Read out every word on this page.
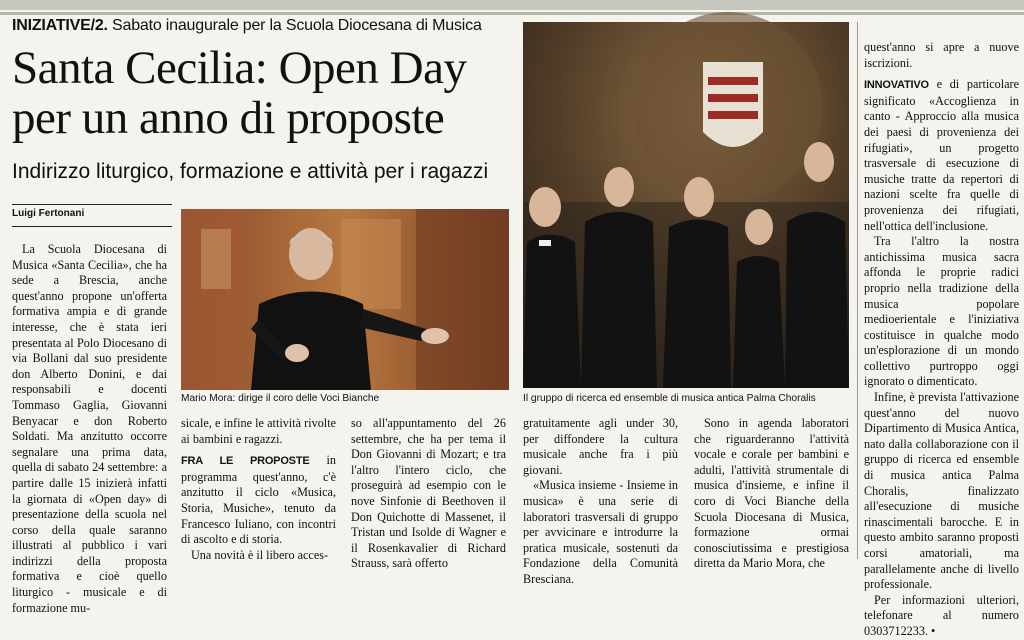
INIZIATIVE/2. Sabato inaugurale per la Scuola Diocesana di Musica
Santa Cecilia: Open Day
per un anno di proposte
Indirizzo liturgico, formazione e attività per i ragazzi
Luigi Fertonani
Mario Mora: dirige il coro delle Voci Bianche	Il gruppo di ricerca ed ensemble di musica antica Palma Choralis

La Scuola Diocesana di Musica «Santa Cecilia», che ha sede a Brescia, anche quest'anno propone un'offerta formativa ampia e di grande interesse, che è stata ieri presentata al Polo Diocesano di via Bollani dal suo presidente don Alberto Donini, e dai responsabili e docenti Tommaso Gaglia, Giovanni Benyacar e don Roberto Soldati. Ma anzitutto occorre segnalare una prima data, quella di sabato 24 settembre: a partire dalle 15 inizierà infatti la giornata di «Open day» di presentazione della scuola nel corso della quale saranno illustrati al pubblico i vari indirizzi della proposta formativa e cioè quello liturgico - musicale e di formazione mu-

sicale, e infine le attività rivolte ai bambini e ragazzi.

FRA LE PROPOSTE in programma quest'anno, c'è anzitutto il ciclo «Musica, Storia, Musiche», tenuto da Francesco Iuliano, con incontri di ascolto e di storia.

Una novità è il libero acces-

so all'appuntamento del 26 settembre, che ha per tema il Don Giovanni di Mozart; e tra l'altro l'intero ciclo, che proseguirà ad esempio con le nove Sinfonie di Beethoven il Don Quichotte di Massenet, il Tristan und Isolde di Wagner e il Rosenkavalier di Richard Strauss, sarà offerto

gratuitamente agli under 30, per diffondere la cultura musicale anche fra i più giovani.

«Musica insieme - Insieme in musica» è una serie di laboratori trasversali di gruppo per avvicinare e introdurre la pratica musicale, sostenuti da Fondazione della Comunità Bresciana.

Sono in agenda laboratori che riguarderanno l'attività vocale e corale per bambini e adulti, l'attività strumentale di musica d'insieme, e infine il coro di Voci Bianche della Scuola Diocesana di Musica, formazione ormai conosciutissima e prestigiosa diretta da Mario Mora, che

quest'anno si apre a nuove iscrizioni.

INNOVATIVO e di particolare significato «Accoglienza in canto - Approccio alla musica dei paesi di provenienza dei rifugiati», un progetto trasversale di esecuzione di musiche tratte da repertori di nazioni scelte fra quelle di provenienza dei rifugiati, nell'ottica dell'inclusione.

Tra l'altro la nostra antichissima musica sacra affonda le proprie radici proprio nella tradizione della musica popolare medioerientale e l'iniziativa costituisce in qualche modo un'esplorazione di un mondo collettivo purtroppo oggi ignorato o dimenticato.

Infine, è prevista l'attivazione quest'anno del nuovo Dipartimento di Musica Antica, nato dalla collaborazione con il gruppo di ricerca ed ensemble di musica antica Palma Choralis, finalizzato all'esecuzione di musiche rinascimentali barocche. E in questo ambito saranno proposti corsi amatoriali, ma parallelamente anche di livello professionale.

Per informazioni ulteriori, telefonare al numero 0303712233. •
